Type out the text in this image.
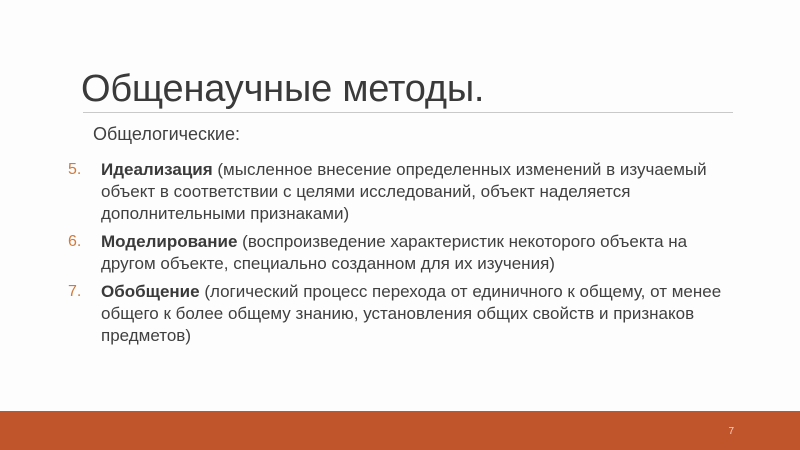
Общенаучные методы.
Общелогические:
5.	Идеализация (мысленное внесение определенных изменений в изучаемый объект в соответствии с целями исследований, объект наделяется дополнительными признаками)
6.	Моделирование (воспроизведение характеристик некоторого объекта на другом объекте, специально созданном для их изучения)
7.	Обобщение (логический процесс перехода от единичного к общему, от менее общего к более общему знанию, установления общих свойств и признаков предметов)
7
